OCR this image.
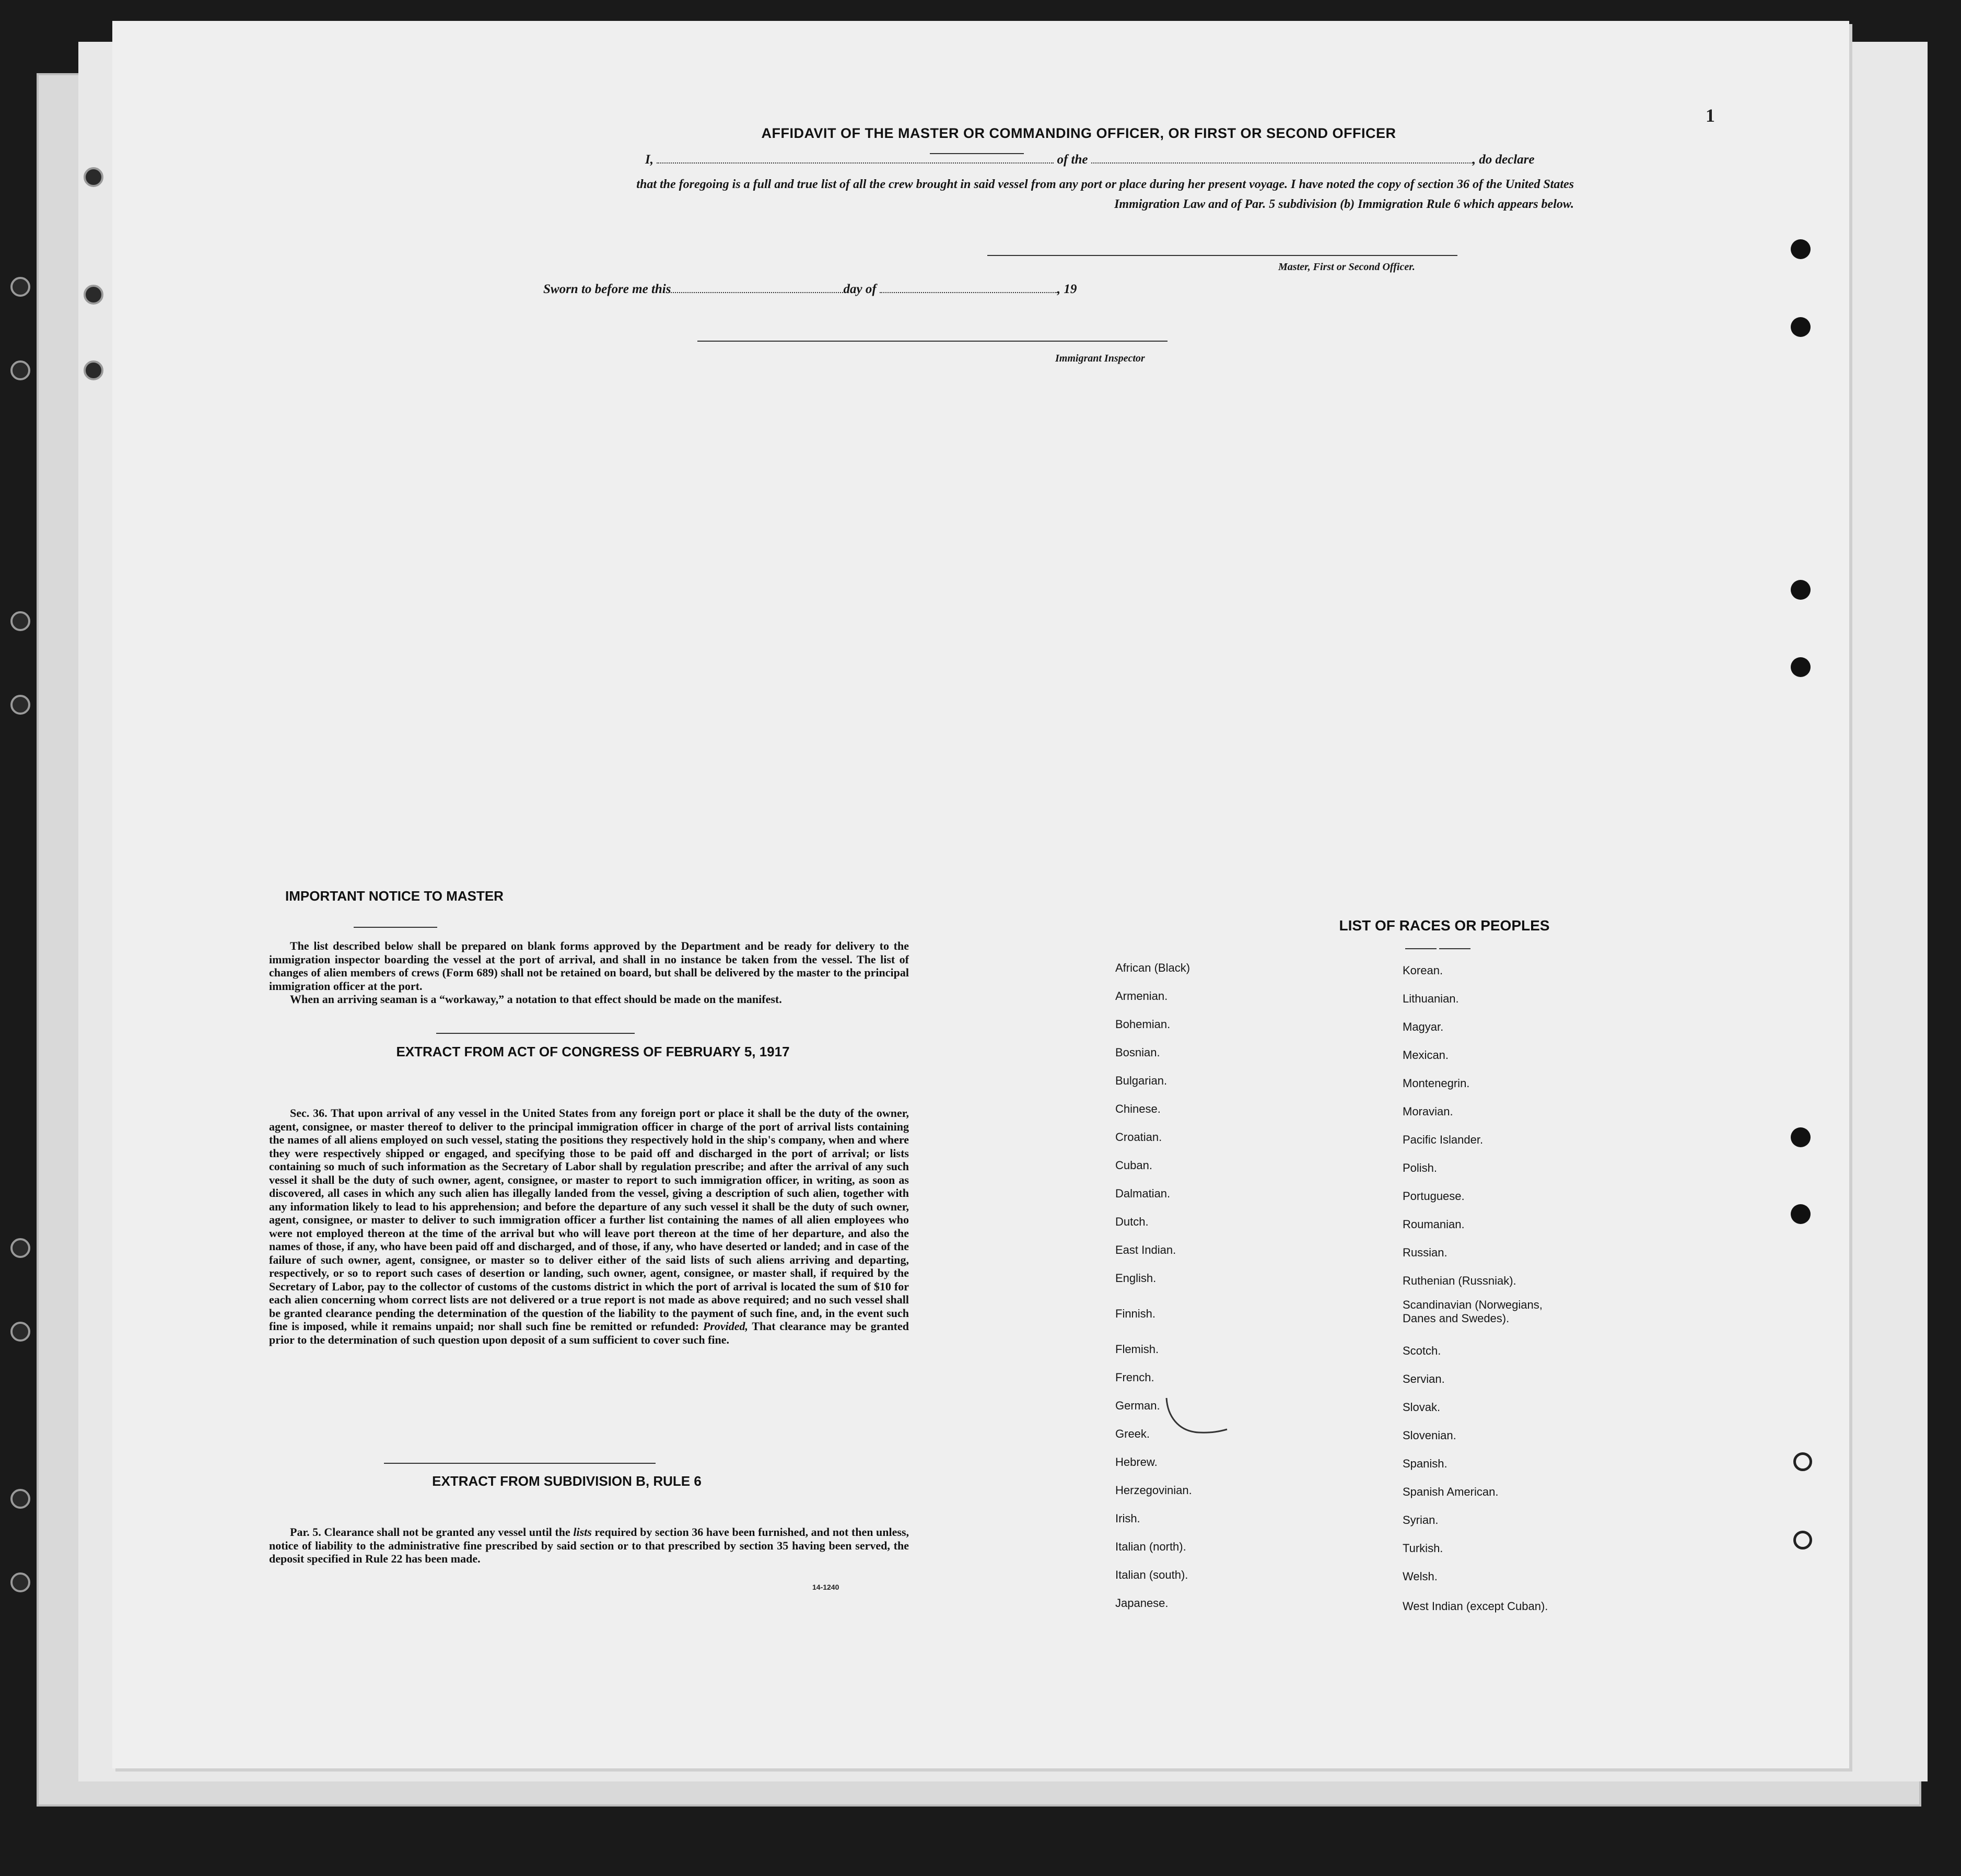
1
AFFIDAVIT OF THE MASTER OR COMMANDING OFFICER, OR FIRST OR SECOND OFFICER
I,	of the	, do declare
that the foregoing is a full and true list of all the crew brought in said vessel from any port or place during her present voyage. I have noted the copy of section 36 of the United States Immigration Law and of Par. 5 subdivision (b) Immigration Rule 6 which appears below.
Master, First or Second Officer.
Sworn to before me this	day of	, 19
Immigrant Inspector
IMPORTANT NOTICE TO MASTER

The list described below shall be prepared on blank forms approved by the Department and be ready for delivery to the immigration inspector boarding the vessel at the port of arrival, and shall in no instance be taken from the vessel. The list of changes of alien members of crews (Form 689) shall not be retained on board, but shall be delivered by the master to the principal immigration officer at the port.

When an arriving seaman is a “workaway,” a notation to that effect should be made on the manifest.

EXTRACT FROM ACT OF CONGRESS OF FEBRUARY 5, 1917

Sec. 36. That upon arrival of any vessel in the United States from any foreign port or place it shall be the duty of the owner, agent, consignee, or master thereof to deliver to the principal immigration officer in charge of the port of arrival lists containing the names of all aliens employed on such vessel, stating the positions they respectively hold in the ship's company, when and where they were respectively shipped or engaged, and specifying those to be paid off and discharged in the port of arrival; or lists containing so much of such information as the Secretary of Labor shall by regulation prescribe; and after the arrival of any such vessel it shall be the duty of such owner, agent, consignee, or master to report to such immigration officer, in writing, as soon as discovered, all cases in which any such alien has illegally landed from the vessel, giving a description of such alien, together with any information likely to lead to his apprehension; and before the departure of any such vessel it shall be the duty of such owner, agent, consignee, or master to deliver to such immigration officer a further list containing the names of all alien employees who were not employed thereon at the time of the arrival but who will leave port thereon at the time of her departure, and also the names of those, if any, who have been paid off and discharged, and of those, if any, who have deserted or landed; and in case of the failure of such owner, agent, consignee, or master so to deliver either of the said lists of such aliens arriving and departing, respectively, or so to report such cases of desertion or landing, such owner, agent, consignee, or master shall, if required by the Secretary of Labor, pay to the collector of customs of the customs district in which the port of arrival is located the sum of $10 for each alien concerning whom correct lists are not delivered or a true report is not made as above required; and no such vessel shall be granted clearance pending the determination of the question of the liability to the payment of such fine, and, in the event such fine is imposed, while it remains unpaid; nor shall such fine be remitted or refunded: Provided, That clearance may be granted prior to the determination of such question upon deposit of a sum sufficient to cover such fine.

EXTRACT FROM SUBDIVISION B, RULE 6

Par. 5. Clearance shall not be granted any vessel until the lists required by section 36 have been furnished, and not then unless, notice of liability to the administrative fine prescribed by said section or to that prescribed by section 35 having been served, the deposit specified in Rule 22 has been made.

14-1240
LIST OF RACES OR PEOPLES
African (Black)
Armenian.
Bohemian.
Bosnian.
Bulgarian.
Chinese.
Croatian.
Cuban.
Dalmatian.
Dutch.
East Indian.
English.
Finnish.
Flemish.
French.
German.
Greek.
Hebrew.
Herzegovinian.
Irish.
Italian (north).
Italian (south).
Japanese.
Korean.
Lithuanian.
Magyar.
Mexican.
Montenegrin.
Moravian.
Pacific Islander.
Polish.
Portuguese.
Roumanian.
Russian.
Ruthenian (Russniak).
Scandinavian (Norwegians, Danes and Swedes).
Scotch.
Servian.
Slovak.
Slovenian.
Spanish.
Spanish American.
Syrian.
Turkish.
Welsh.
West Indian (except Cuban).
